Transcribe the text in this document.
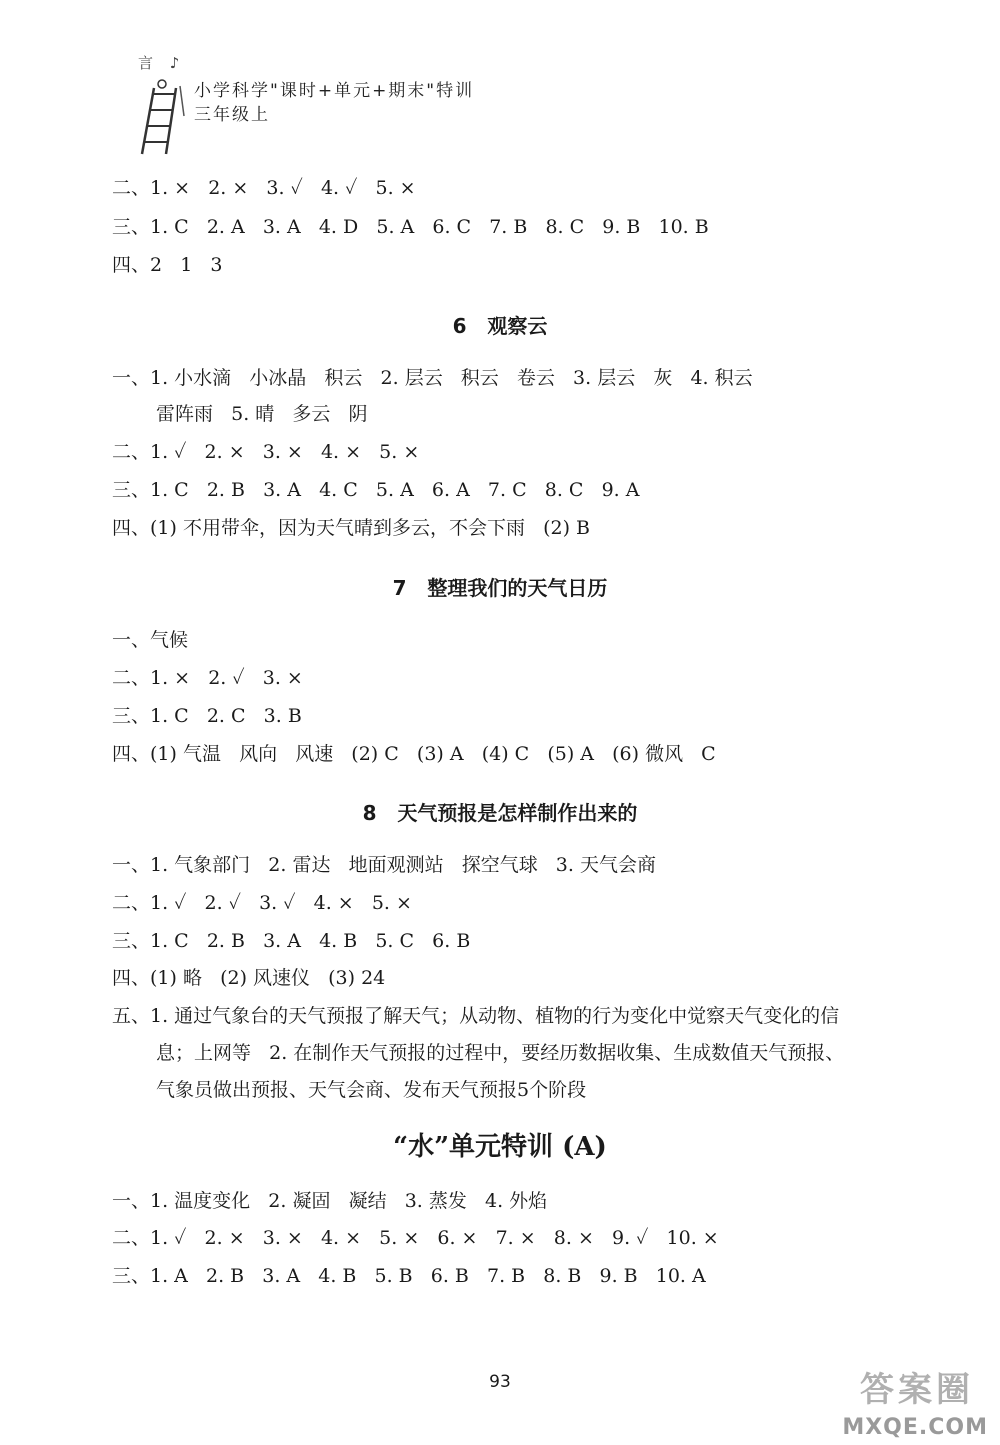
言 ♪
小学科学"课时+单元+期末"特训
三年级上
二、1. ×   2. ×   3. ✓   4. ✓   5. ×
三、1. C   2. A   3. A   4. D   5. A   6. C   7. B   8. C   9. B   10. B
四、2   1   3
6   观察云
一、1. 小水滴   小冰晶   积云   2. 层云   积云   卷云   3. 层云   灰   4. 积云
雷阵雨   5. 晴   多云   阴
二、1. ✓   2. ×   3. ×   4. ×   5. ×
三、1. C   2. B   3. A   4. C   5. A   6. A   7. C   8. C   9. A
四、(1) 不用带伞，因为天气晴到多云，不会下雨   (2) B
7   整理我们的天气日历
一、气候
二、1. ×   2. ✓   3. ×
三、1. C   2. C   3. B
四、(1) 气温   风向   风速   (2) C   (3) A   (4) C   (5) A   (6) 微风   C
8   天气预报是怎样制作出来的
一、1. 气象部门   2. 雷达   地面观测站   探空气球   3. 天气会商
二、1. ✓   2. ✓   3. ✓   4. ×   5. ×
三、1. C   2. B   3. A   4. B   5. C   6. B
四、(1) 略   (2) 风速仪   (3) 24
五、1. 通过气象台的天气预报了解天气；从动物、植物的行为变化中觉察天气变化的信
息；上网等   2. 在制作天气预报的过程中，要经历数据收集、生成数值天气预报、
气象员做出预报、天气会商、发布天气预报5个阶段
“水”单元特训 (A)
一、1. 温度变化   2. 凝固   凝结   3. 蒸发   4. 外焰
二、1. ✓   2. ×   3. ×   4. ×   5. ×   6. ×   7. ×   8. ×   9. ✓   10. ×
三、1. A   2. B   3. A   4. B   5. B   6. B   7. B   8. B   9. B   10. A
93	答案圈
MXQE.COM
